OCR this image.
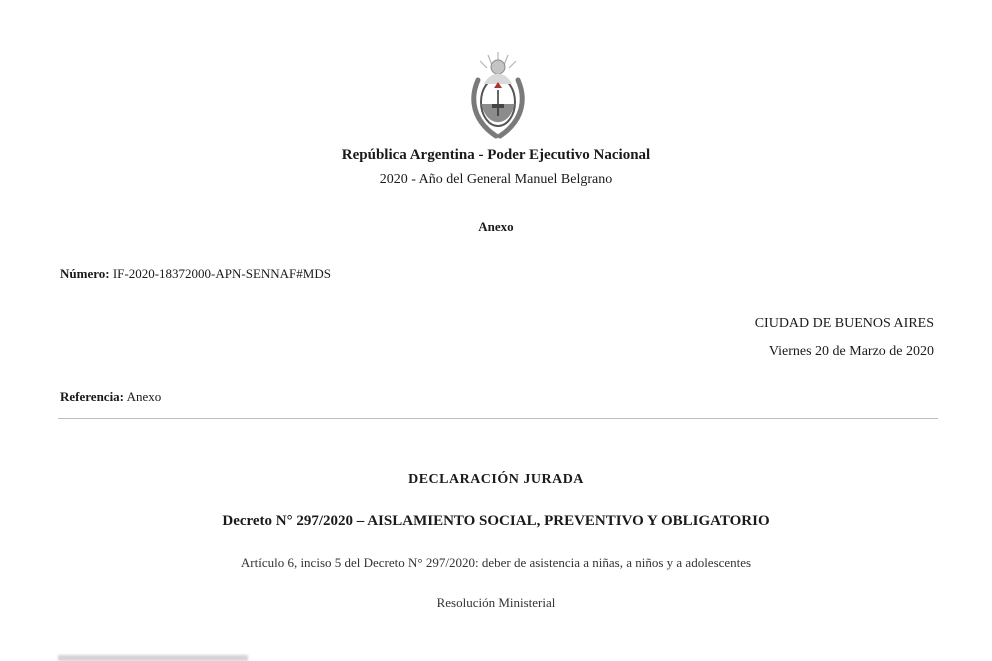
República Argentina - Poder Ejecutivo Nacional
2020 - Año del General Manuel Belgrano
Anexo
Número: IF-2020-18372000-APN-SENNAF#MDS
CIUDAD DE BUENOS AIRES
Viernes 20 de Marzo de 2020
Referencia: Anexo
DECLARACIÓN JURADA
Decreto N° 297/2020 – AISLAMIENTO SOCIAL, PREVENTIVO Y OBLIGATORIO
Artículo 6, inciso 5 del Decreto N° 297/2020: deber de asistencia a niñas, a niños y a adolescentes
Resolución Ministerial
